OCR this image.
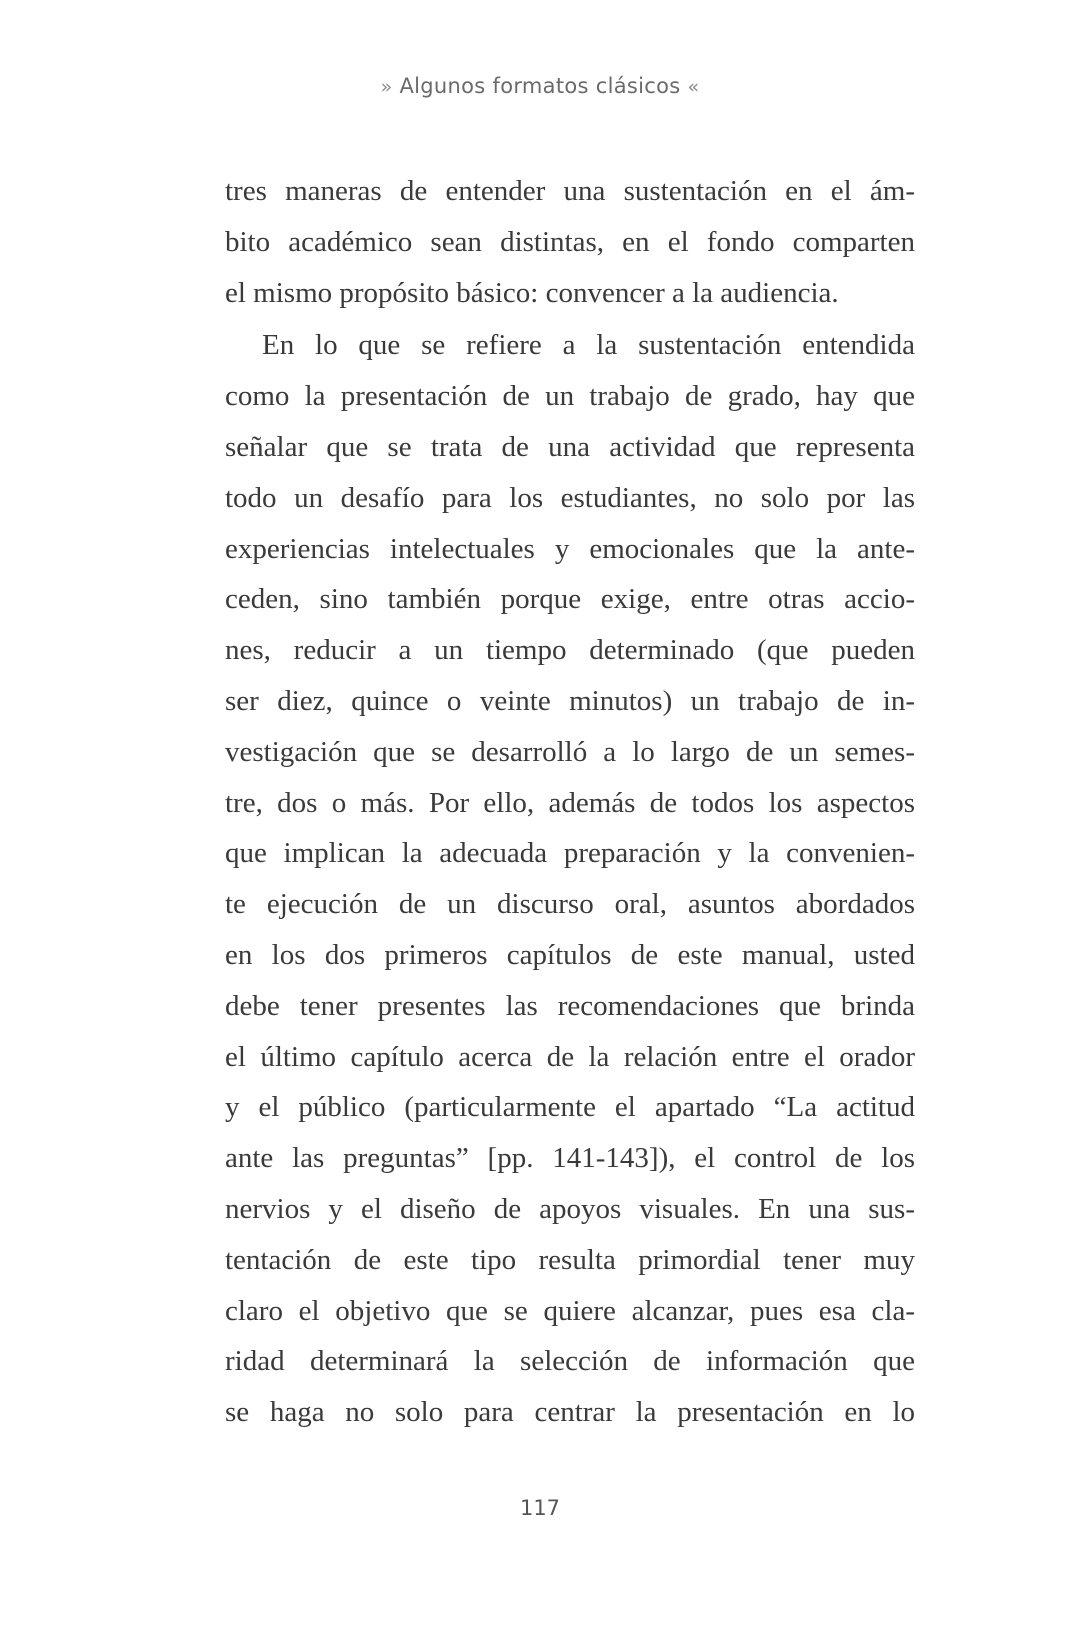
» Algunos formatos clásicos «
tres maneras de entender una sustentación en el ám-
bito académico sean distintas, en el fondo comparten
el mismo propósito básico: convencer a la audiencia.
En lo que se refiere a la sustentación entendida
como la presentación de un trabajo de grado, hay que
señalar que se trata de una actividad que representa
todo un desafío para los estudiantes, no solo por las
experiencias intelectuales y emocionales que la ante-
ceden, sino también porque exige, entre otras accio-
nes, reducir a un tiempo determinado (que pueden
ser diez, quince o veinte minutos) un trabajo de in-
vestigación que se desarrolló a lo largo de un semes-
tre, dos o más. Por ello, además de todos los aspectos
que implican la adecuada preparación y la convenien-
te ejecución de un discurso oral, asuntos abordados
en los dos primeros capítulos de este manual, usted
debe tener presentes las recomendaciones que brinda
el último capítulo acerca de la relación entre el orador
y el público (particularmente el apartado “La actitud
ante las preguntas” [pp. 141-143]), el control de los
nervios y el diseño de apoyos visuales. En una sus-
tentación de este tipo resulta primordial tener muy
claro el objetivo que se quiere alcanzar, pues esa cla-
ridad determinará la selección de información que
se haga no solo para centrar la presentación en lo
117
